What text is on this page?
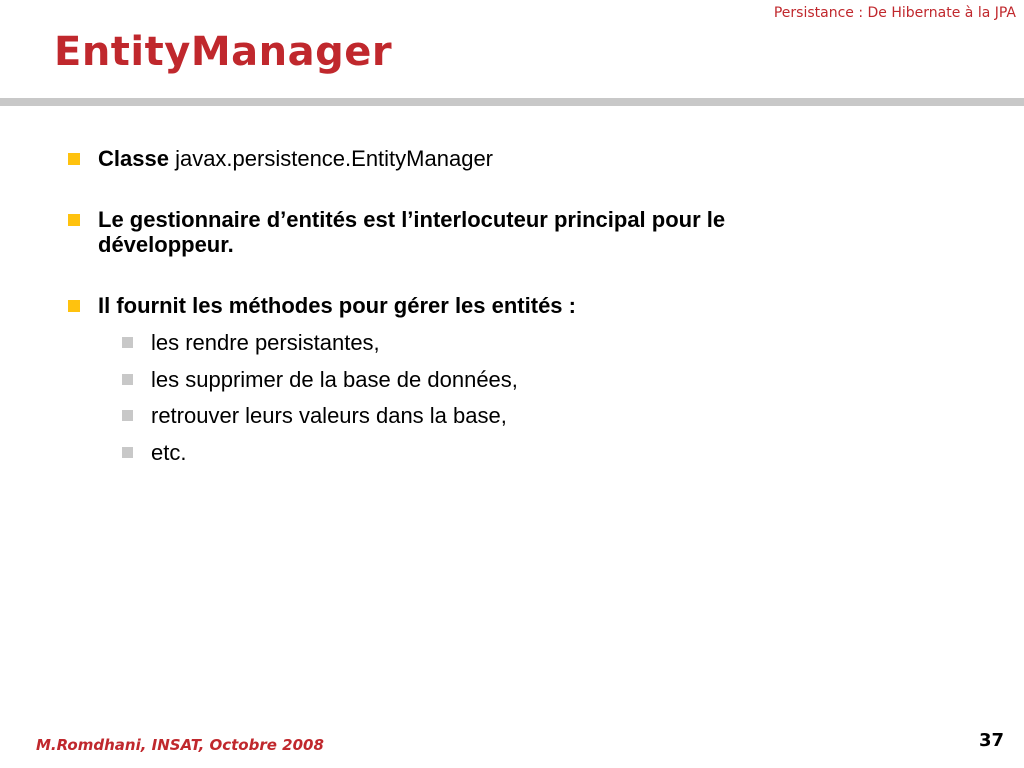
Persistance : De Hibernate à la JPA
EntityManager
Classe javax.persistence.EntityManager
Le gestionnaire d’entités est l’interlocuteur principal pour le développeur.
Il fournit les méthodes pour gérer les entités :
les rendre persistantes,
les supprimer de la base de données,
retrouver leurs valeurs dans la base,
etc.
M.Romdhani, INSAT, Octobre 2008	37
